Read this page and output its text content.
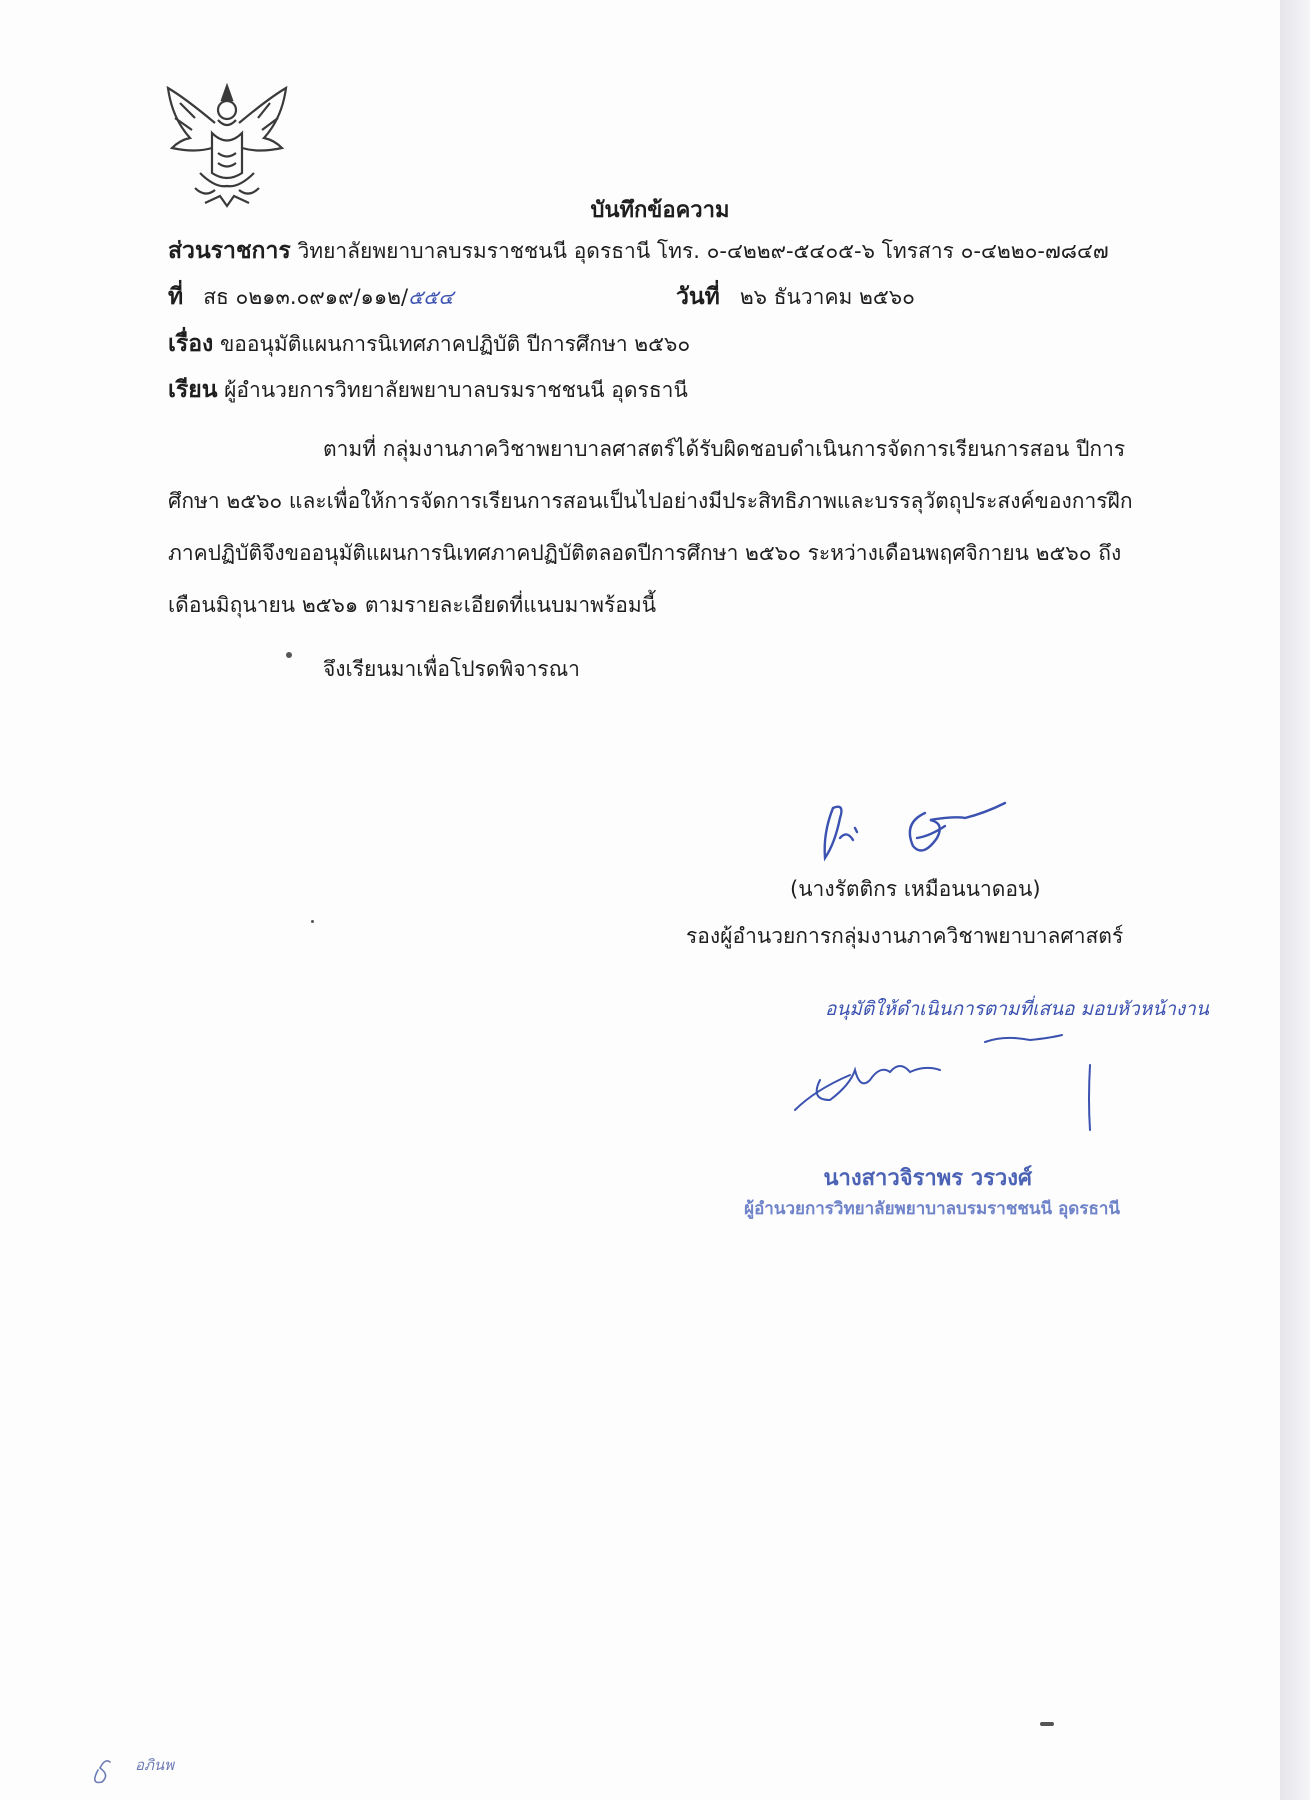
บันทึกข้อความ
ส่วนราชการ วิทยาลัยพยาบาลบรมราชชนนี อุดรธานี โทร. ๐-๔๒๒๙-๕๔๐๕-๖ โทรสาร ๐-๔๒๒๐-๗๘๔๗
ที่ สธ ๐๒๑๓.๐๙๑๙/๑๑๒/๕๕๔	วันที่ ๒๖ ธันวาคม ๒๕๖๐
เรื่อง ขออนุมัติแผนการนิเทศภาคปฏิบัติ ปีการศึกษา ๒๕๖๐
เรียน ผู้อำนวยการวิทยาลัยพยาบาลบรมราชชนนี อุดรธานี
ตามที่ กลุ่มงานภาควิชาพยาบาลศาสตร์ได้รับผิดชอบดำเนินการจัดการเรียนการสอน ปีการศึกษา ๒๕๖๐ และเพื่อให้การจัดการเรียนการสอนเป็นไปอย่างมีประสิทธิภาพและบรรลุวัตถุประสงค์ของการฝึกภาคปฏิบัติจึงขออนุมัติแผนการนิเทศภาคปฏิบัติตลอดปีการศึกษา ๒๕๖๐ ระหว่างเดือนพฤศจิกายน ๒๕๖๐ ถึงเดือนมิถุนายน ๒๕๖๑ ตามรายละเอียดที่แนบมาพร้อมนี้
จึงเรียนมาเพื่อโปรดพิจารณา
(นางรัตติกร เหมือนนาดอน)
รองผู้อำนวยการกลุ่มงานภาควิชาพยาบาลศาสตร์
อนุมัติให้ดำเนินการตามที่เสนอ มอบหัวหน้างาน
นางสาวจิราพร วรวงศ์
ผู้อำนวยการวิทยาลัยพยาบาลบรมราชชนนี อุดรธานี
อภินพ
